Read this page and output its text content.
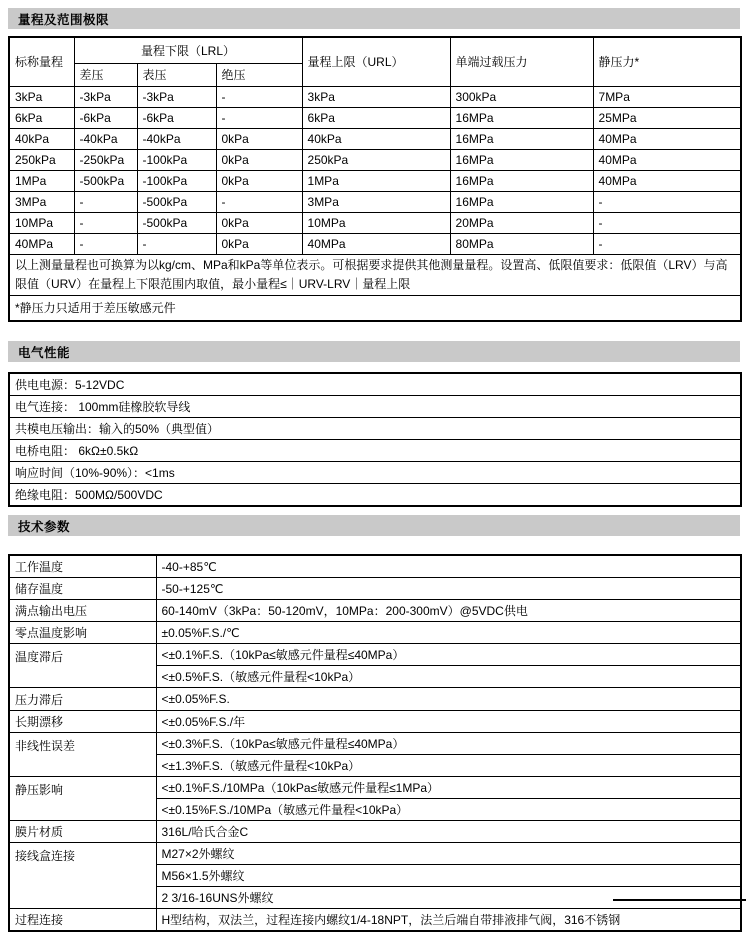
量程及范围极限
标称量程	量程下限（LRL）			量程上限（URL）	单端过载压力	静压力*
	差压	表压	绝压			
3kPa	-3kPa	-3kPa	-	3kPa	300kPa	7MPa
6kPa	-6kPa	-6kPa	-	6kPa	16MPa	25MPa
40kPa	-40kPa	-40kPa	0kPa	40kPa	16MPa	40MPa
250kPa	-250kPa	-100kPa	0kPa	250kPa	16MPa	40MPa
1MPa	-500kPa	-100kPa	0kPa	1MPa	16MPa	40MPa
3MPa	-	-500kPa	-	3MPa	16MPa	-
10MPa	-	-500kPa	0kPa	10MPa	20MPa	-
40MPa	-	-	0kPa	40MPa	80MPa	-
以上测量量程也可换算为以kg/cm、MPa和kPa等单位表示。可根据要求提供其他测量量程。设置高、低限值要求：低限值（LRV）与高限值（URV）在量程上下限范围内取值，最小量程≤｜URV-LRV｜量程上限						
*静压力只适用于差压敏感元件						
电气性能
供电电源：5-12VDC
电气连接： 100mm硅橡胶软导线
共模电压输出：输入的50%（典型值）
电桥电阻： 6kΩ±0.5kΩ
响应时间（10%-90%）：<1ms
绝缘电阻：500MΩ/500VDC
技术参数
工作温度	-40-+85℃
储存温度	-50-+125℃
满点输出电压	60-140mV（3kPa：50-120mV，10MPa：200-300mV）@5VDC供电
零点温度影响	±0.05%F.S./℃
温度滞后	<±0.1%F.S.（10kPa≤敏感元件量程≤40MPa）
	<±0.5%F.S.（敏感元件量程<10kPa）
压力滞后	<±0.05%F.S.
长期漂移	<±0.05%F.S./年
非线性误差	<±0.3%F.S.（10kPa≤敏感元件量程≤40MPa）
	<±1.3%F.S.（敏感元件量程<10kPa）
静压影响	<±0.1%F.S./10MPa（10kPa≤敏感元件量程≤1MPa）
	<±0.15%F.S./10MPa（敏感元件量程<10kPa）
膜片材质	316L/哈氏合金C
接线盒连接	M27×2外螺纹
	M56×1.5外螺纹
	2 3/16-16UNS外螺纹
过程连接	H型结构，双法兰，过程连接内螺纹1/4-18NPT，法兰后端自带排液排气阀，316不锈钢
